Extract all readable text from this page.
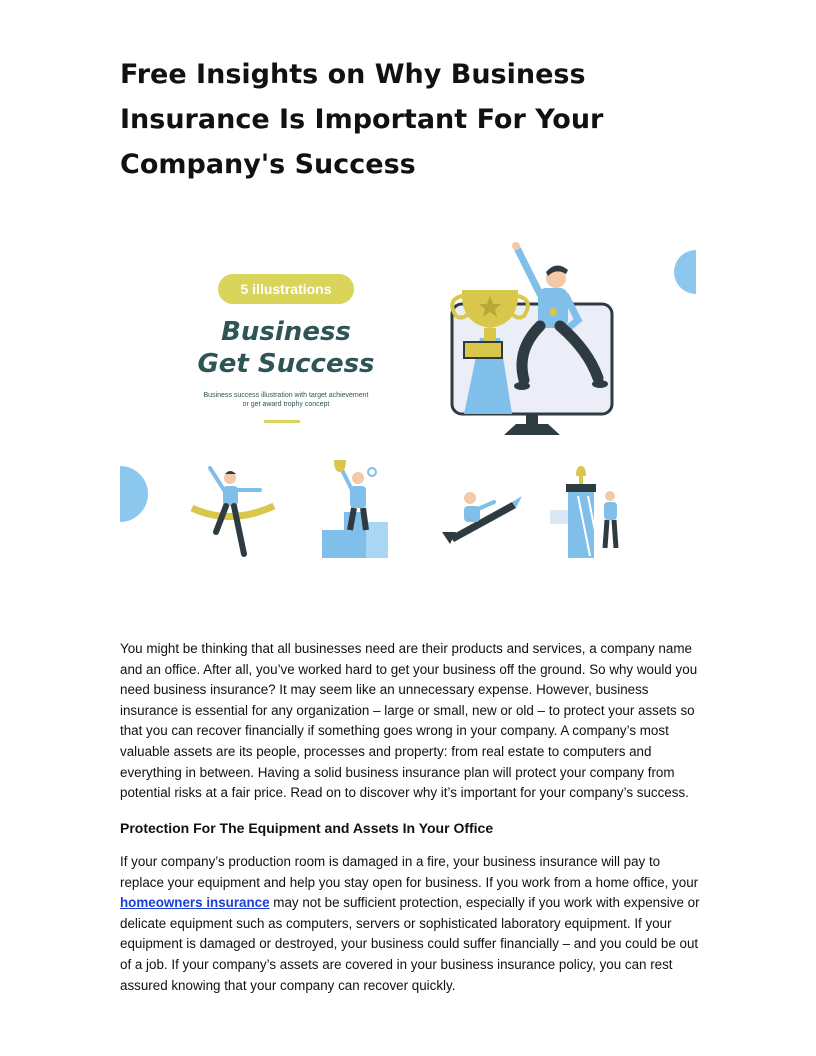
Free Insights on Why Business Insurance Is Important For Your Company's Success
5 illustrations
Business
Get Success
Business success illustration with target achievement
or get award trophy concept

You might be thinking that all businesses need are their products and services, a company name and an office. After all, you’ve worked hard to get your business off the ground. So why would you need business insurance? It may seem like an unnecessary expense. However, business insurance is essential for any organization – large or small, new or old – to protect your assets so that you can recover financially if something goes wrong in your company. A company’s most valuable assets are its people, processes and property: from real estate to computers and everything in between. Having a solid business insurance plan will protect your company from potential risks at a fair price. Read on to discover why it’s important for your company’s success.

Protection For The Equipment and Assets In Your Office

If your company’s production room is damaged in a fire, your business insurance will pay to replace your equipment and help you stay open for business. If you work from a home office, your homeowners insurance may not be sufficient protection, especially if you work with expensive or delicate equipment such as computers, servers or sophisticated laboratory equipment. If your equipment is damaged or destroyed, your business could suffer financially – and you could be out of a job. If your company’s assets are covered in your business insurance policy, you can rest assured knowing that your company can recover quickly.
